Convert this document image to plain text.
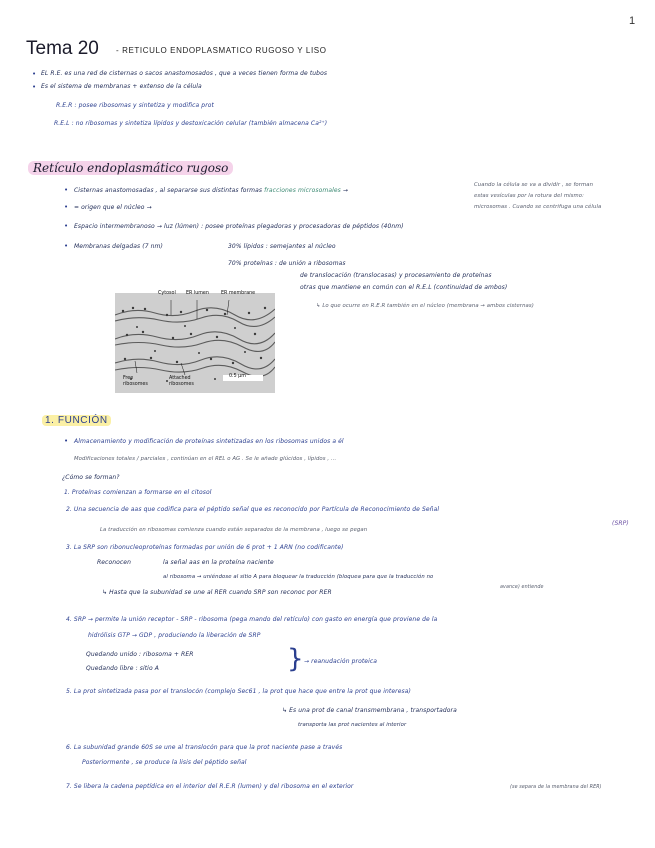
1
Tema 20 - RETICULO ENDOPLASMATICO RUGOSO Y LISO
• EL R.E. es una red de cisternas o sacos anastomosados , que a veces tienen forma de tubos
• Es el sistema de membranas + extenso de la célula
R.E.R : posee ribosomas y sintetiza y modifica prot
R.E.L : no ribosomas y sintetiza lípidos y destoxicación celular (también almacena Ca²⁺)
Retículo endoplasmático rugoso
• Cisternas anastomosadas , al separarse sus distintas formas fracciones microsomales →
Cuando la célula se va a dividir , se forman
estas vesículas por la rotura del mismo:
microsomas . Cuando se centrifuga una célula
• = origen que el núcleo →
• Espacio intermembranoso → luz (lúmen) : posee proteínas plegadoras y procesadoras de péptidos (40nm)
• Membranas delgadas (7 nm)	30% lípidos : semejantes al núcleo
70% proteínas : de unión a ribosomas
de translocación (translocasas) y procesamiento de proteínas
otras que mantiene en común con el R.E.L (continuidad de ambos)
↳ Lo que ocurre en R.E.R también en el núcleo (membrana → ambos cisternas)
Cytosol ER lumen	ER membrane
Free ribosomes
Attached ribosomes
0.5 μm
1. FUNCIÓN
• Almacenamiento y modificación de proteínas sintetizadas en los ribosomas unidos a él
Modificaciones totales / parciales , continúan en el REL o AG . Se le añade glúcidos , lípidos , ...
¿Cómo se forman?
1. Proteínas comienzan a formarse en el citosol
2. Una secuencia de aas que codifica para el péptido señal que es reconocido por Partícula de Reconocimiento de Señal
(SRP)
La traducción en ribosomas comienza cuando están separados de la membrana , luego se pegan
3. La SRP son ribonucleoproteínas formadas por unión de 6 prot + 1 ARN (no codificante)
Reconocen	la señal aas en la proteína naciente
al ribosoma → uniéndose al sitio A para bloquear la traducción (bloquea para que la traducción no
avance) entiende
↳ Hasta que la subunidad se une al RER cuando SRP son reconoc por RER
4. SRP → permite la unión receptor - SRP - ribosoma (pega mando del retículo) con gasto en energía que proviene de la
hidrólisis GTP → GDP , produciendo la liberación de SRP
Quedando unido : ribosoma + RER
Quedando libre : sitio A	} → reanudación proteica
5. La prot sintetizada pasa por el translocón (complejo Sec61 , la prot que hace que entre la prot que interesa)
↳ Es una prot de canal transmembrana , transportadora
transporta las prot nacientes al interior
6. La subunidad grande 60S se une al translocón para que la prot naciente pase a través
Posteriormente , se produce la lisis del péptido señal
7. Se libera la cadena peptídica en el interior del R.E.R (lumen) y del ribosoma en el exterior	(se separa de la membrana del RER)
